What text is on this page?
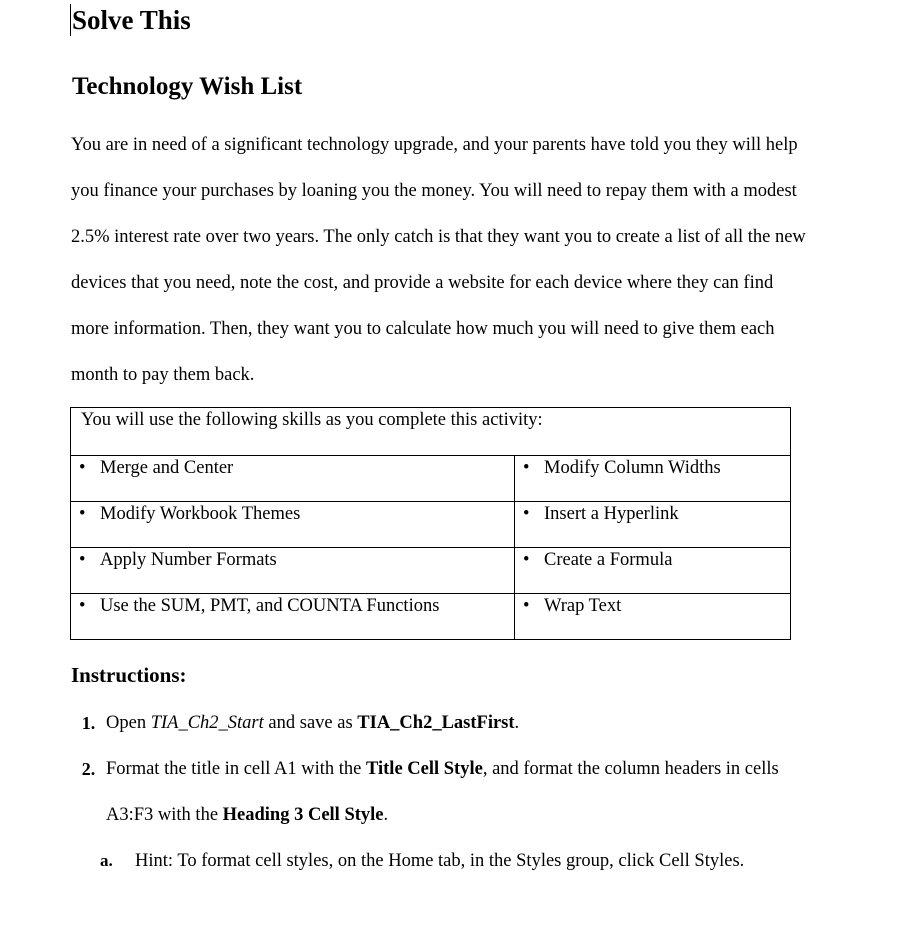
Solve This
Technology Wish List

You are in need of a significant technology upgrade, and your parents have told you they will help you finance your purchases by loaning you the money. You will need to repay them with a modest 2.5% interest rate over two years. The only catch is that they want you to create a list of all the new devices that you need, note the cost, and provide a website for each device where they can find more information. Then, they want you to calculate how much you will need to give them each month to pay them back.

You will use the following skills as you complete this activity:	

• Merge and Center	• Modify Column Widths

• Modify Workbook Themes	• Insert a Hyperlink

• Apply Number Formats	• Create a Formula

• Use the SUM, PMT, and COUNTA Functions	• Wrap Text
Instructions:
1. Open TIA_Ch2_Start and save as TIA_Ch2_LastFirst.
2. Format the title in cell A1 with the Title Cell Style, and format the column headers in cells A3:F3 with the Heading 3 Cell Style.
a.	Hint: To format cell styles, on the Home tab, in the Styles group, click Cell Styles.
